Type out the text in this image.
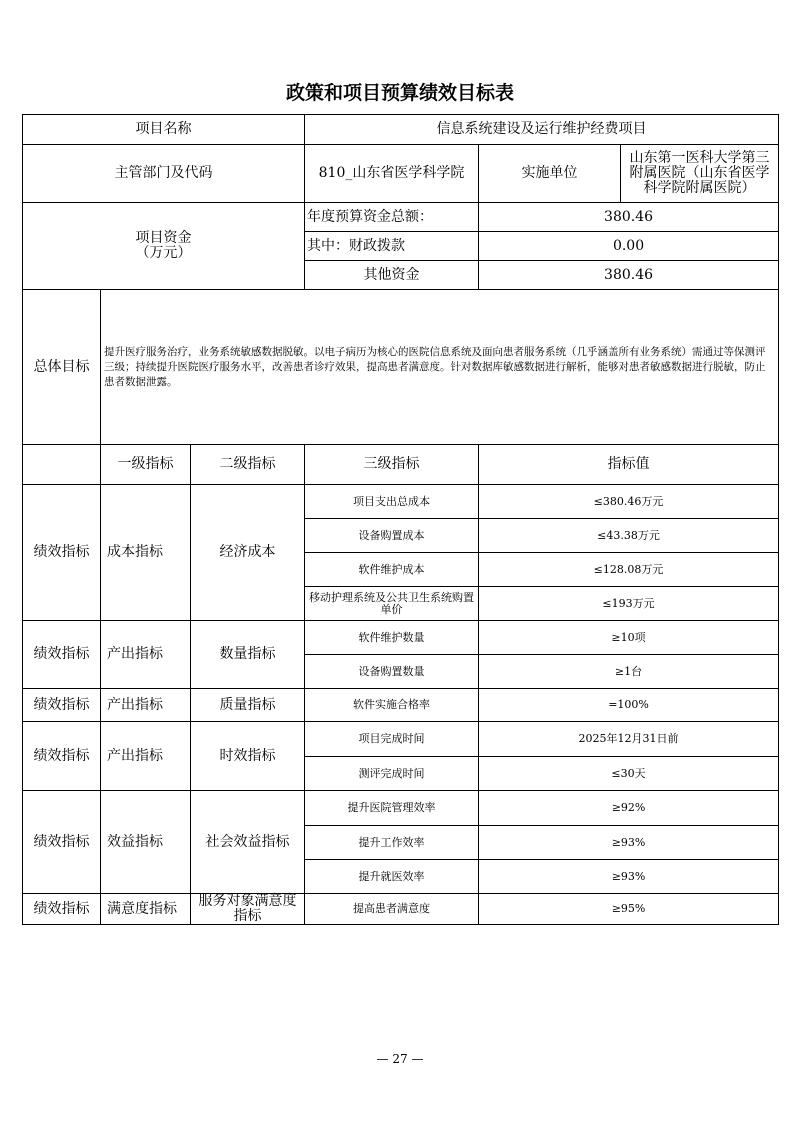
政策和项目预算绩效目标表
项目名称			信息系统建设及运行维护经费项目		
主管部门及代码			810_山东省医学科学院	实施单位	山东第一医科大学第三附属医院（山东省医学科学院附属医院）

项目资金
（万元）			年度预算资金总额：	380.46	
			其中：财政拨款	0.00	
			其他资金	380.46	
总体目标	提升医疗服务治疗，业务系统敏感数据脱敏。以电子病历为核心的医院信息系统及面向患者服务系统（几乎涵盖所有业务系统）需通过等保测评三级；持续提升医院医疗服务水平，改善患者诊疗效果，提高患者满意度。针对数据库敏感数据进行解析，能够对患者敏感数据进行脱敏，防止患者数据泄露。				
	一级指标	二级指标	三级指标	指标值	
绩效指标	成本指标	经济成本	项目支出总成本	≤380.46万元	
			设备购置成本	≤43.38万元	
			软件维护成本	≤128.08万元	
			移动护理系统及公共卫生系统购置单价	≤193万元	
绩效指标	产出指标	数量指标	软件维护数量	≥10项	
			设备购置数量	≥1台	
绩效指标	产出指标	质量指标	软件实施合格率	=100%	
绩效指标	产出指标	时效指标	项目完成时间	2025年12月31日前	
			测评完成时间	≤30天	
绩效指标	效益指标	社会效益指标	提升医院管理效率	≥92%	
			提升工作效率	≥93%	
			提升就医效率	≥93%	
绩效指标	满意度指标	服务对象满意度指标	提高患者满意度	≥95%	
— 27 —
